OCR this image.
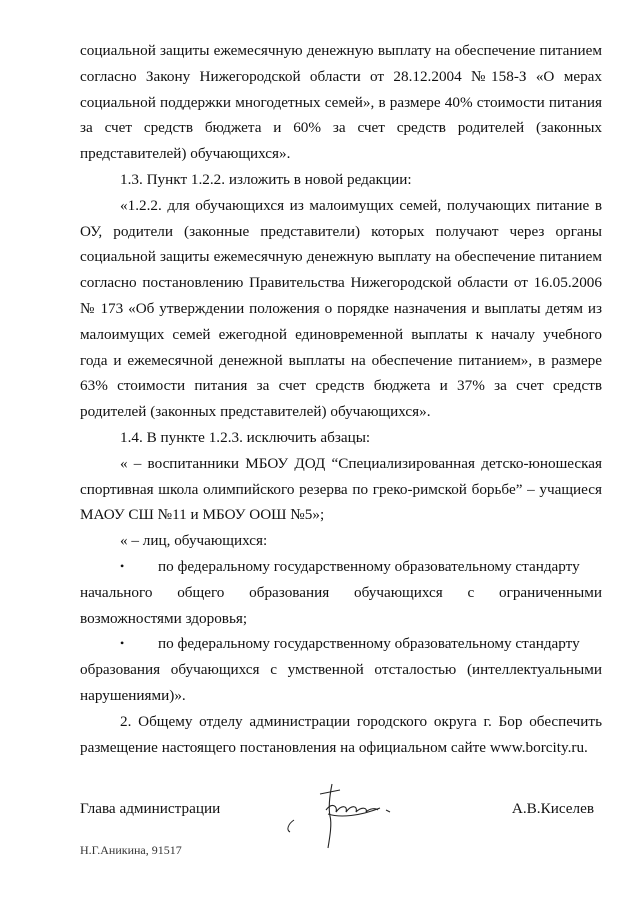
социальной защиты ежемесячную денежную выплату на обеспечение питанием согласно Закону Нижегородской области от 28.12.2004 №158-З «О мерах социальной поддержки многодетных семей», в размере 40% стоимости питания за счет средств бюджета и 60% за счет средств родителей (законных представителей) обучающихся».

1.3. Пункт 1.2.2. изложить в новой редакции:

«1.2.2. для обучающихся из малоимущих семей, получающих питание в ОУ, родители (законные представители) которых получают через органы социальной защиты ежемесячную денежную выплату на обеспечение питанием согласно постановлению Правительства Нижегородской области от 16.05.2006 № 173 «Об утверждении положения о порядке назначения и выплаты детям из малоимущих семей ежегодной единовременной выплаты к началу учебного года и ежемесячной денежной выплаты на обеспечение питанием», в размере 63% стоимости питания за счет средств бюджета и 37% за счет средств родителей (законных представителей) обучающихся».

1.4. В пункте 1.2.3. исключить абзацы:

« – воспитанники МБОУ ДОД “Специализированная детско-юношеская спортивная школа олимпийского резерва по греко-римской борьбе” – учащиеся МАОУ СШ №11 и МБОУ ООШ №5»;

« – лиц, обучающихся:

•	по федеральному государственному образовательному стандарту
начального общего образования обучающихся с ограниченными возможностями здоровья;

•	по федеральному государственному образовательному стандарту
образования обучающихся с умственной отсталостью (интеллектуальными нарушениями)».

2. Общему отделу администрации городского округа г. Бор обеспечить размещение настоящего постановления на официальном сайте www.borcity.ru.

Глава администрации	А.В.Киселев
Н.Г.Аникина, 91517
